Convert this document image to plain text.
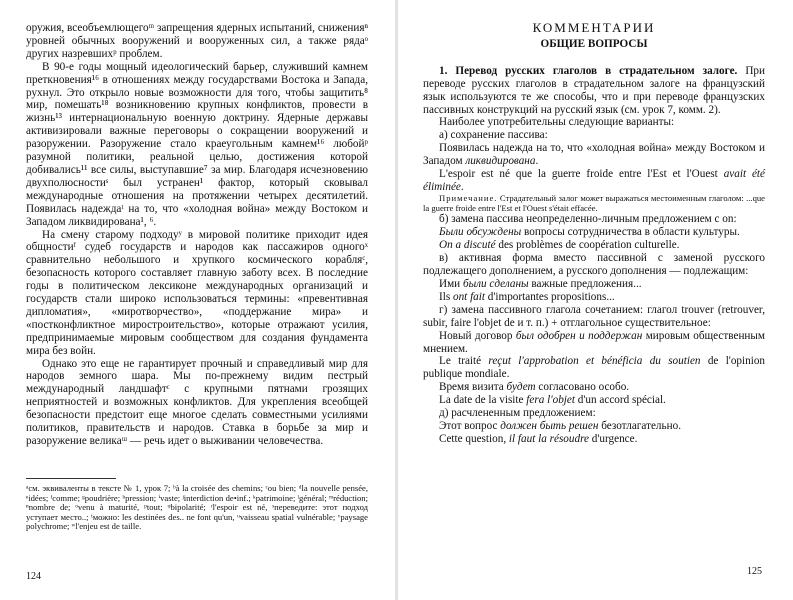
оружия, всеобъемлющегоᵐ запрещения ядерных испытаний, сниженияⁿ уровней обычных вооружений и вооруженных сил, а также рядаᵒ других назревшихᵖ проблем.

В 90-е годы мощный идеологический барьер, служивший камнем преткновения¹⁶ в отношениях между государствами Востока и Запада, рухнул. Это открыло новые возможности для того, чтобы защитить⁸ мир, помешать¹⁸ возникновению крупных конфликтов, провести в жизнь¹³ интернациональную военную доктрину. Ядерные державы активизировали важные переговоры о сокращении вооружений и разоружении. Разоружение стало краеугольным камнем¹⁶ любойᵖ разумной политики, реальной целью, достижения которой добивались¹¹ все силы, выступавшие⁷ за мир. Благодаря исчезновению двухполюсностиˢ был устранен¹ фактор, который сковывал международные отношения на протяжении четырех десятилетий. Появилась надеждаᵗ на то, что «холодная война» между Востоком и Западом ликвидирована¹, ⁶.

На смену старому подходуʸ в мировой политике приходит идея общностиᶠ судеб государств и народов как пассажиров одногоˣ сравнительно небольшого и хрупкого космического корабляᶜ, безопасность которого составляет главную заботу всех. В последние годы в политическом лексиконе международных организаций и государств стали широко использоваться термины: «превентивная дипломатия», «миротворчество», «поддержание мира» и «постконфликтное миростроительство», которые отражают усилия, предпринимаемые мировым сообществом для создания фундамента мира без войн.

Однако это еще не гарантирует прочный и справедливый мир для народов земного шара. Мы по-прежнему видим пестрый международный ландшафтᶜ с крупными пятнами грозящих неприятностей и возможных конфликтов. Для укрепления всеобщей безопасности предстоит еще многое сделать совместными усилиями политиков, правительств и народов. Ставка в борьбе за мир и разоружение великаᵚ — речь идет о выживании человечества.

ᵃсм. эквиваленты в тексте № 1, урок 7; ᵇà la croisée des chemins; ᶜou bien; ᵈla nouvelle pensée, ᵉidées; ᶠcomme; ᵍpoudrière; ʰpression; ⁱvaste; ʲinterdiction de•inf.; ᵏpatrimoine; ˡgénéral; ᵐréduction; ⁿnombre de; ᵒvenu à maturité, ᵖtout; ᵠbipolarité; ʳl'espoir est né, ˢпереведите: этот подход уступает место..; ᵗможно: les destinées des.. ne font qu'un, ᵘvaisseau spatial vulnérable; ᵛpaysage polychrome; ʷl'enjeu est de taille.
124
КОММЕНТАРИИ
ОБЩИЕ ВОПРОСЫ

1. Перевод русских глаголов в страдательном залоге. При переводе русских глаголов в страдательном залоге на французский язык используются те же способы, что и при переводе французских пассивных конструкций на русский язык (см. урок 7, комм. 2).

Наиболее употребительны следующие варианты:

а) сохранение пассива:

Появилась надежда на то, что «холодная война» между Востоком и Западом ликвидирована.

L'espoir est né que la guerre froide entre l'Est et l'Ouest avait été éliminée.

Примечание. Страдательный залог может выражаться местоименным глаголом: ...que la guerre froide entre l'Est et l'Ouest s'était effacée.

б) замена пассива неопределенно-личным предложением с on:

Были обсуждены вопросы сотрудничества в области культуры.

On a discuté des problèmes de coopération culturelle.

в) активная форма вместо пассивной с заменой русского подлежащего дополнением, а русского дополнения — подлежащим:

Ими были сделаны важные предложения...

Ils ont fait d'importantes propositions...

г) замена пассивного глагола сочетанием: глагол trouver (retrouver, subir, faire l'objet de и т. п.) + отглагольное существительное:

Новый договор был одобрен и поддержан мировым общественным мнением.

Le traité reçut l'approbation et bénéficia du soutien de l'opinion publique mondiale.

Время визита будет согласовано особо.

La date de la visite fera l'objet d'un accord spécial.

д) расчлененным предложением:

Этот вопрос должен быть решен безотлагательно.

Cette question, il faut la résoudre d'urgence.

125
